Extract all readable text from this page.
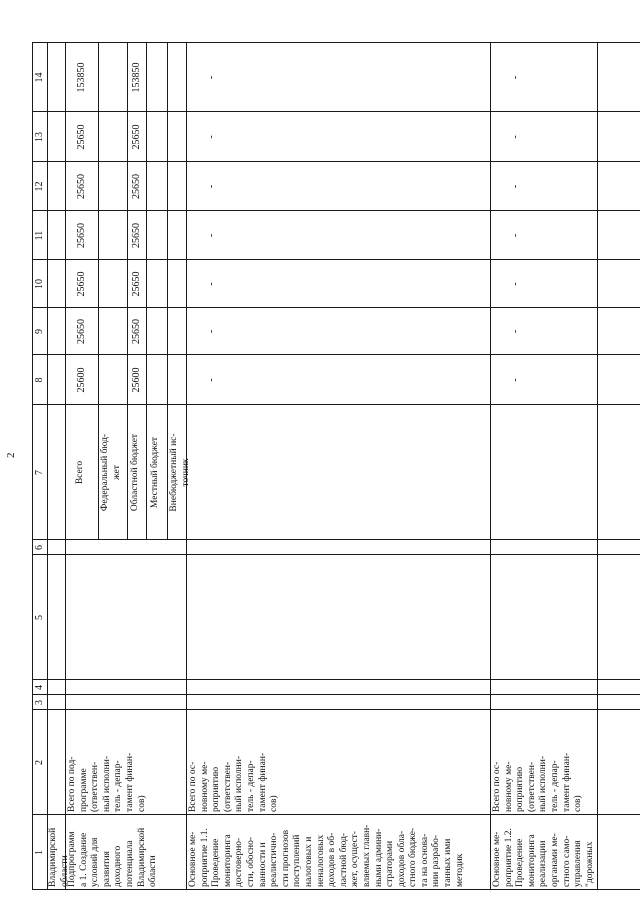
2
1
2
3
4
5
6
7
8
9
10
11
12
13
14
Владимирской области
Подпрограмм а 1. Создание условий для развития доходного потенциала Владимирской области
Всего по под- программе (ответствен- ный исполни- тель - депар- тамент финан- сов)
Всего
25600
25650
25650
25650
25650
25650
153850
Федеральный бюд- жет Областной бюджет
25600
25650
25650
25650
25650
25650
153850
Местный бюджет Внебюджетный ис- точник
Основное ме- роприятие 1.1. Проведение мониторинга достоверно- сти, обосно- ванности и реалистично- сти прогнозов поступлений налоговых и неналоговых доходов в об- ластной бюд- жет, осущест- вляемых главн- ными админи- страторами доходов обла- стного бюдже- та на основа- нии разрабо- танных ими методик
Всего по ос- новному ме- роприятию (ответствен- ный исполни- тель - депар- тамент финан- сов)
-
-
-
-
-
-
-
Основное ме- роприятие 1.2. Проведение мониторинга реализации органами ме- стного само- управления "дорожных
Всего по ос- новному ме- роприятию (ответствен- ный исполни- тель - депар- тамент финан- сов)
-
-
-
-
-
-
-
